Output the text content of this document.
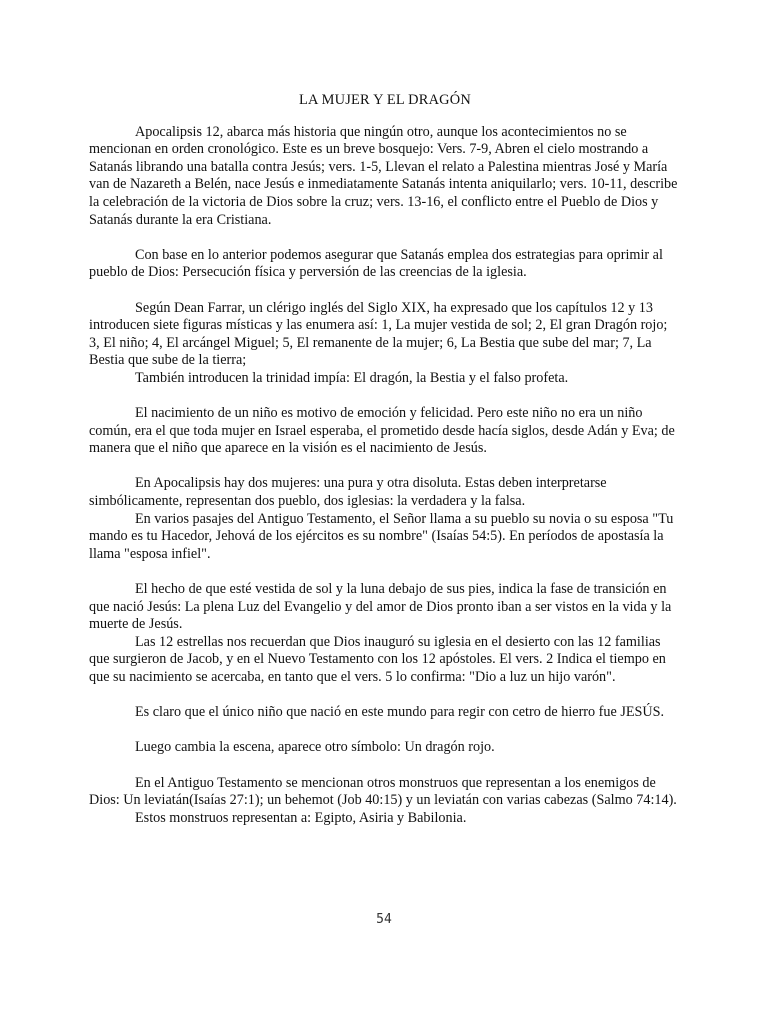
LA MUJER Y EL DRAGÓN

Apocalipsis 12, abarca más historia que ningún otro, aunque los acontecimientos no se mencionan en orden cronológico. Este es un breve bosquejo: Vers. 7-9, Abren el cielo mostrando a Satanás librando una batalla contra Jesús; vers. 1-5, Llevan el relato a Palestina mientras José y María van de Nazareth a Belén, nace Jesús e inmediatamente Satanás intenta aniquilarlo; vers. 10-11, describe la celebración de la victoria de Dios sobre la cruz; vers. 13-16, el conflicto entre el Pueblo de Dios y Satanás durante la era Cristiana.

Con base en lo anterior podemos asegurar que Satanás emplea dos estrategias para oprimir al pueblo de Dios: Persecución física y perversión de las creencias de la iglesia.

Según Dean Farrar, un clérigo inglés del Siglo XIX, ha expresado que los capítulos 12 y 13 introducen siete figuras místicas y las enumera así: 1, La mujer vestida de sol; 2, El gran Dragón rojo; 3, El niño; 4, El arcángel Miguel; 5, El remanente de la mujer; 6, La Bestia que sube del mar; 7, La Bestia que sube de la tierra;

También introducen la trinidad impía: El dragón, la Bestia y el falso profeta.

El nacimiento de un niño es motivo de emoción y felicidad. Pero este niño no era un niño común, era el que toda mujer en Israel esperaba, el prometido desde hacía siglos, desde Adán y Eva; de manera que el niño que aparece en la visión es el nacimiento de Jesús.

En Apocalipsis hay dos mujeres: una pura y otra disoluta. Estas deben interpretarse simbólicamente, representan dos pueblo, dos iglesias: la verdadera y la falsa.

En varios pasajes del Antiguo Testamento, el Señor llama a su pueblo su novia o su esposa "Tu mando es tu Hacedor, Jehová de los ejércitos es su nombre" (Isaías 54:5). En períodos de apostasía la llama "esposa infiel".

El hecho de que esté vestida de sol y la luna debajo de sus pies, indica la fase de transición en que nació Jesús: La plena Luz del Evangelio y del amor de Dios pronto iban a ser vistos en la vida y la muerte de Jesús.

Las 12 estrellas nos recuerdan que Dios inauguró su iglesia en el desierto con las 12 familias que surgieron de Jacob, y en el Nuevo Testamento con los 12 apóstoles. El vers. 2 Indica el tiempo en que su nacimiento se acercaba, en tanto que el vers. 5 lo confirma: "Dio a luz un hijo varón".

Es claro que el único niño que nació en este mundo para regir con cetro de hierro fue JESÚS.

Luego cambia la escena, aparece otro símbolo: Un dragón rojo.

En el Antiguo Testamento se mencionan otros monstruos que representan a los enemigos de Dios: Un leviatán(Isaías 27:1); un behemot (Job 40:15) y un leviatán con varias cabezas (Salmo 74:14).

Estos monstruos representan a: Egipto, Asiria y Babilonia.

54
